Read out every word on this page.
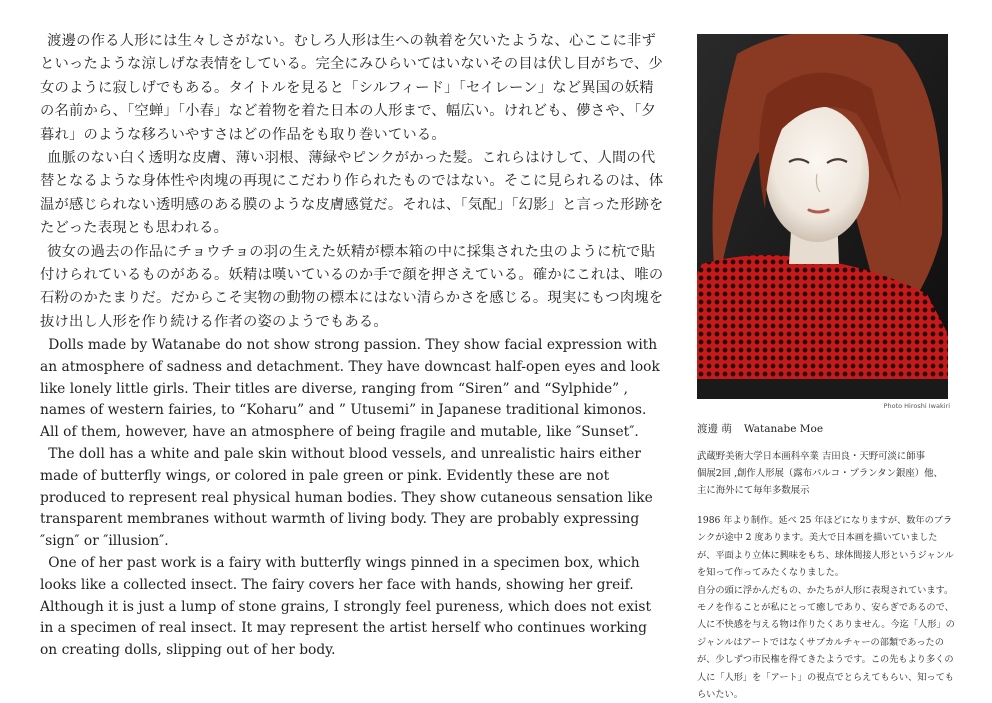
渡邊の作る人形には生々しさがない。むしろ人形は生への執着を欠いたような、心ここに非ずといったような涼しげな表情をしている。完全にみひらいてはいないその目は伏し目がちで、少女のように寂しげでもある。タイトルを見ると「シルフィード」「セイレーン」など異国の妖精の名前から、「空蝉」「小春」など着物を着た日本の人形まで、幅広い。けれども、儚さや、「夕暮れ」のような移ろいやすさはどの作品をも取り巻いている。

血脈のない白く透明な皮膚、薄い羽根、薄緑やピンクがかった髪。これらはけして、人間の代替となるような身体性や肉塊の再現にこだわり作られたものではない。そこに見られるのは、体温が感じられない透明感のある膜のような皮膚感覚だ。それは、「気配」「幻影」と言った形跡をたどった表現とも思われる。

彼女の過去の作品にチョウチョの羽の生えた妖精が標本箱の中に採集された虫のように杭で貼付けられているものがある。妖精は嘆いているのか手で顔を押さえている。確かにこれは、唯の石粉のかたまりだ。だからこそ実物の動物の標本にはない清らかさを感じる。現実にもつ肉塊を抜け出し人形を作り続ける作者の姿のようでもある。

Dolls made by Watanabe do not show strong passion. They show facial expression with an atmosphere of sadness and detachment. They have downcast half-open eyes and look like lonely little girls. Their titles are diverse, ranging from “Siren” and “Sylphide” , names of western fairies, to “Koharu” and ” Utusemi” in Japanese traditional kimonos. All of them, however, have an atmosphere of being fragile and mutable, like ″Sunset″.

The doll has a white and pale skin without blood vessels, and unrealistic hairs either made of butterfly wings, or colored in pale green or pink. Evidently these are not produced to represent real physical human bodies. They show cutaneous sensation like transparent membranes without warmth of living body. They are probably expressing ″sign″ or ″illusion″.

One of her past work is a fairy with butterfly wings pinned in a specimen box, which looks like a collected insect. The fairy covers her face with hands, showing her greif. Although it is just a lump of stone grains, I strongly feel pureness, which does not exist in a specimen of real insect. It may represent the artist herself who continues working on creating dolls, slipping out of her body.

Photo Hiroshi Iwakiri
渡邊 萌 Watanabe Moe

武蔵野美術大学日本画科卒業 吉田良・天野可淡に師事

個展2回 ,創作人形展（露布パルコ・プランタン銀座）他、

主に海外にて毎年多数展示

1986 年より制作。延べ 25 年ほどになりますが、数年のブランクが途中 2 度あります。美大で日本画を描いていましたが、平面より立体に興味をもち、球体間接人形というジャンルを知って作ってみたくなりました。

自分の頭に浮かんだもの、かたちが人形に表現されています。モノを作ることが私にとって癒しであり、安らぎであるので、人に不快感を与える物は作りたくありません。今迄「人形」のジャンルはアートではなくサブカルチャーの部類であったのが、少しずつ市民権を得てきたようです。この先もより多くの人に「人形」を「アート」の視点でとらえてもらい、知ってもらいたい。
